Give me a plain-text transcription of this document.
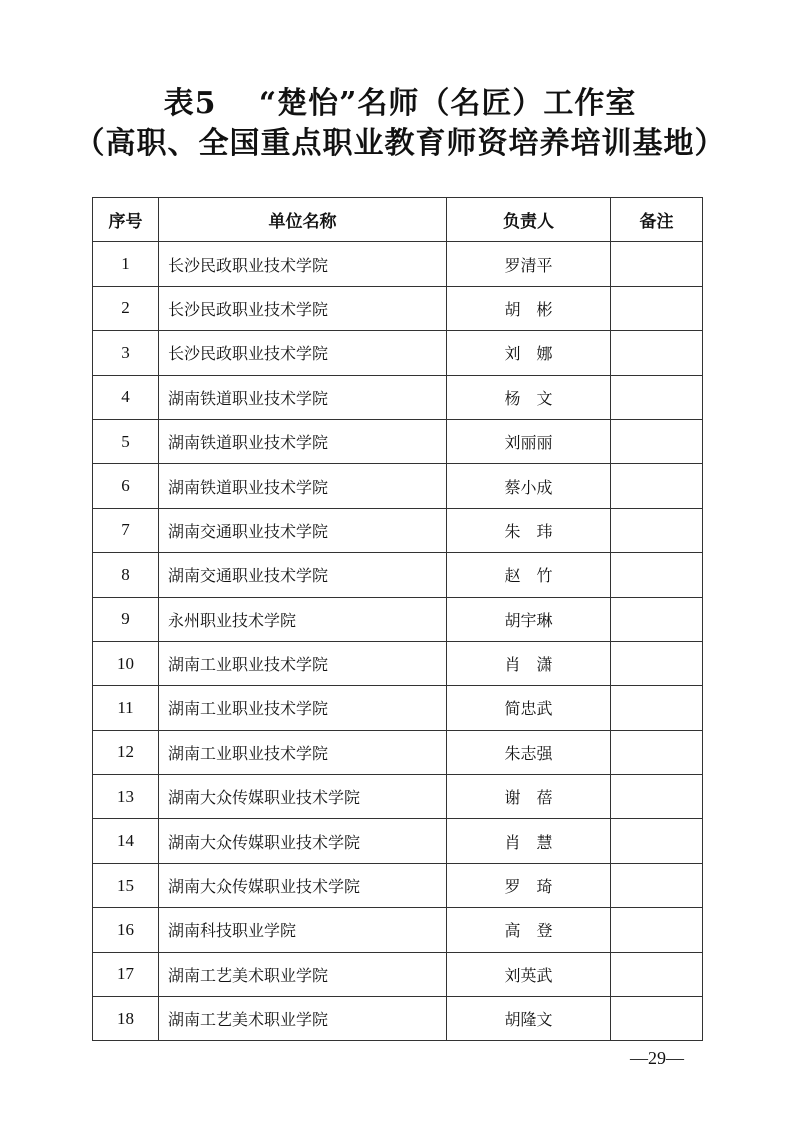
表5　 “楚怡”名师（名匠）工作室
（高职、全国重点职业教育师资培养培训基地）
序号	单位名称	负责人	备注
1	长沙民政职业技术学院	罗清平	
2	长沙民政职业技术学院	胡　彬	
3	长沙民政职业技术学院	刘　娜	
4	湖南铁道职业技术学院	杨　文	
5	湖南铁道职业技术学院	刘丽丽	
6	湖南铁道职业技术学院	蔡小成	
7	湖南交通职业技术学院	朱　玮	
8	湖南交通职业技术学院	赵　竹	
9	永州职业技术学院	胡宇琳	
10	湖南工业职业技术学院	肖　潇	
11	湖南工业职业技术学院	简忠武	
12	湖南工业职业技术学院	朱志强	
13	湖南大众传媒职业技术学院	谢　蓓	
14	湖南大众传媒职业技术学院	肖　慧	
15	湖南大众传媒职业技术学院	罗　琦	
16	湖南科技职业学院	高　登	
17	湖南工艺美术职业学院	刘英武	
18	湖南工艺美术职业学院	胡隆文	
—29—
